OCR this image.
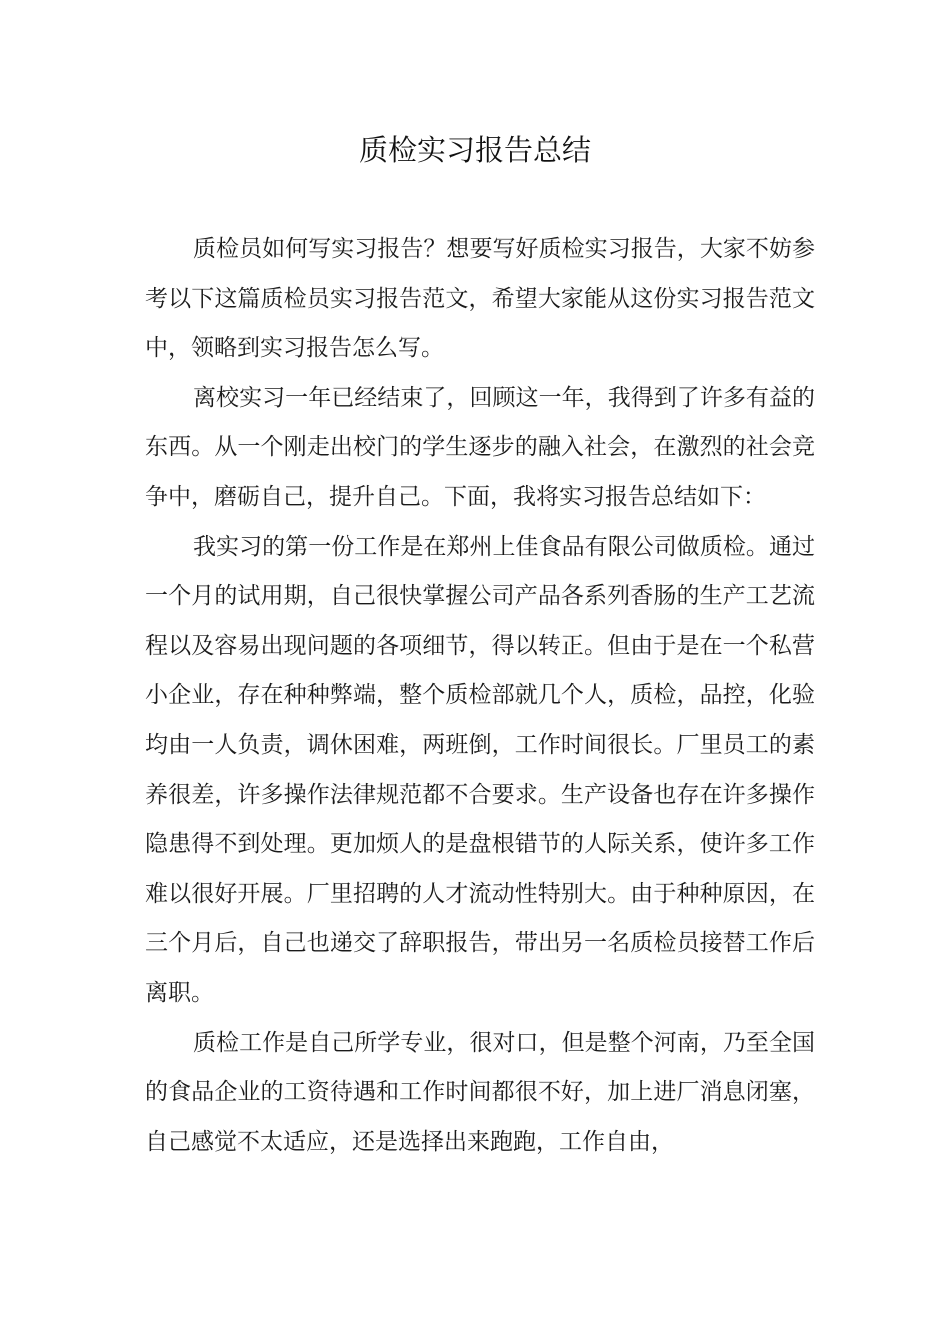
质检实习报告总结

质检员如何写实习报告？想要写好质检实习报告，大家不妨参考以下这篇质检员实习报告范文，希望大家能从这份实习报告范文中，领略到实习报告怎么写。

离校实习一年已经结束了，回顾这一年，我得到了许多有益的东西。从一个刚走出校门的学生逐步的融入社会，在激烈的社会竞争中，磨砺自己，提升自己。下面，我将实习报告总结如下：

我实习的第一份工作是在郑州上佳食品有限公司做质检。通过一个月的试用期，自己很快掌握公司产品各系列香肠的生产工艺流程以及容易出现问题的各项细节，得以转正。但由于是在一个私营小企业，存在种种弊端，整个质检部就几个人，质检，品控，化验均由一人负责，调休困难，两班倒，工作时间很长。厂里员工的素养很差，许多操作法律规范都不合要求。生产设备也存在许多操作隐患得不到处理。更加烦人的是盘根错节的人际关系，使许多工作难以很好开展。厂里招聘的人才流动性特别大。由于种种原因，在三个月后，自己也递交了辞职报告，带出另一名质检员接替工作后离职。

质检工作是自己所学专业，很对口，但是整个河南，乃至全国的食品企业的工资待遇和工作时间都很不好，加上进厂消息闭塞，自己感觉不太适应，还是选择出来跑跑，工作自由，
